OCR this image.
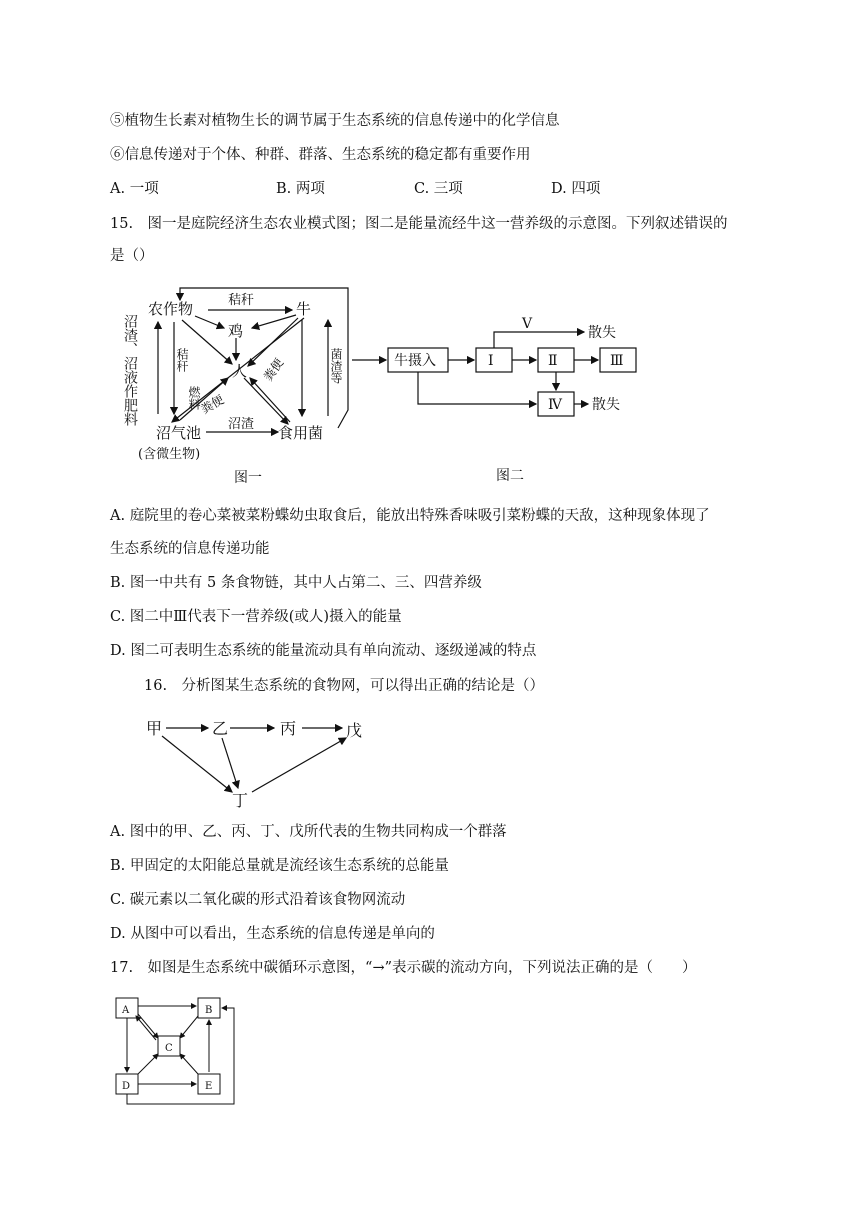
⑤植物生长素对植物生长的调节属于生态系统的信息传递中的化学信息
⑥信息传递对于个体、种群、群落、生态系统的稳定都有重要作用
A. 一项	B. 两项	C. 三项	D. 四项
15.　图一是庭院经济生态农业模式图；图二是能量流经牛这一营养级的示意图。下列叙述错误的
是（）
农作物	秸秆	牛
鸡
人 粪便
粪便
燃料
秸秆
沼渣、沼液作肥料	菌渣等
沼气池
(含微生物)
沼渣 食用菌
图一
牛摄入	Ⅰ	Ⅱ	Ⅲ
Ⅳ
Ⅴ
散失
散失
图二
A. 庭院里的卷心菜被菜粉蝶幼虫取食后，能放出特殊香味吸引菜粉蝶的天敌，这种现象体现了
生态系统的信息传递功能
B. 图一中共有 5 条食物链，其中人占第二、三、四营养级
C. 图二中Ⅲ代表下一营养级(或人)摄入的能量
D. 图二可表明生态系统的能量流动具有单向流动、逐级递减的特点
16.　分析图某生态系统的食物网，可以得出正确的结论是（）
甲	乙	丙	戊
丁
A. 图中的甲、乙、丙、丁、戊所代表的生物共同构成一个群落
B. 甲固定的太阳能总量就是流经该生态系统的总能量
C. 碳元素以二氧化碳的形式沿着该食物网流动
D. 从图中可以看出，生态系统的信息传递是单向的
17.　如图是生态系统中碳循环示意图，“→”表示碳的流动方向，下列说法正确的是（　　）
A	B
C
D	E
